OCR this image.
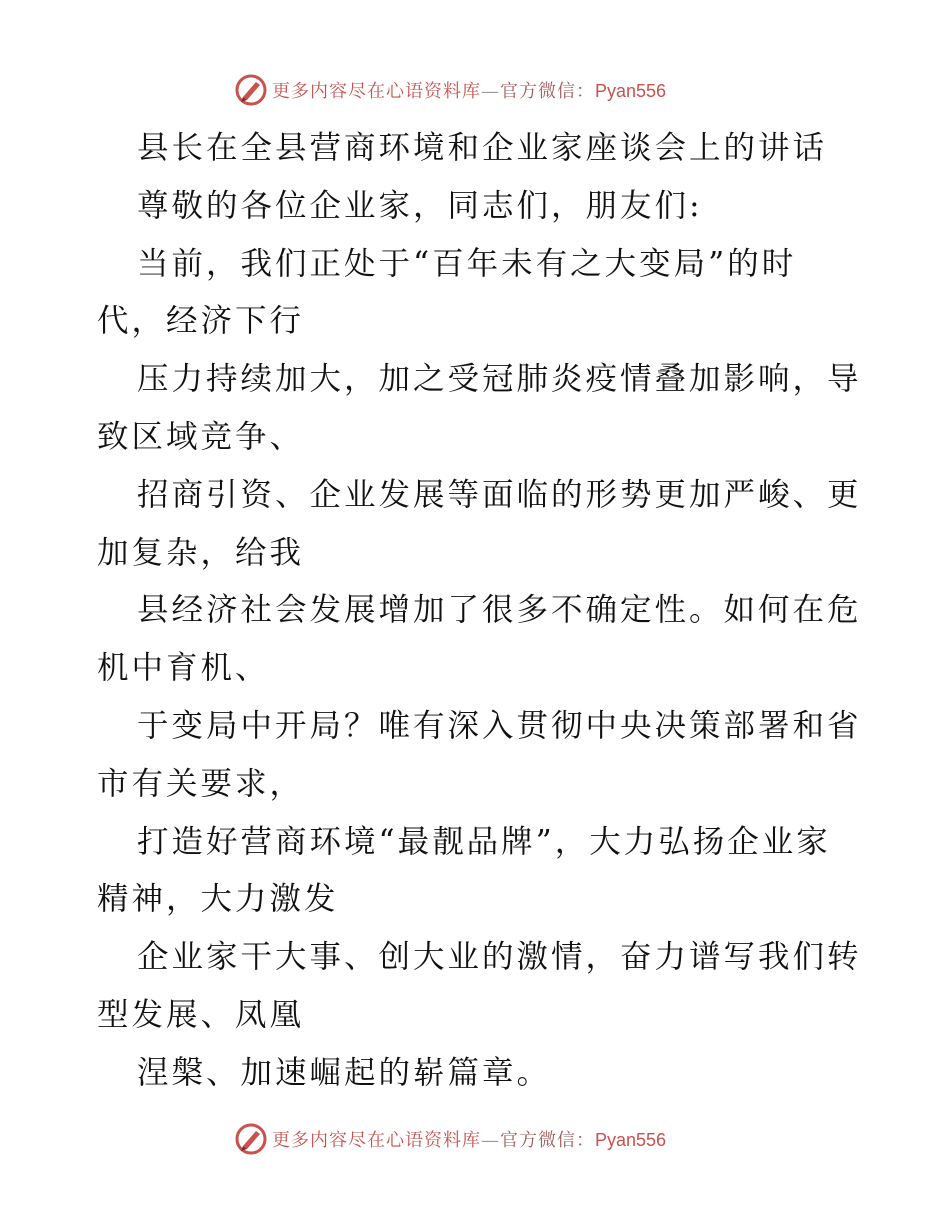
更多内容尽在心语资料库—官方微信：Pyan556
县长在全县营商环境和企业家座谈会上的讲话
尊敬的各位企业家，同志们，朋友们:
当前，我们正处于“百年未有之大变局”的时
代，经济下行
压力持续加大，加之受冠肺炎疫情叠加影响，导
致区域竞争、
招商引资、企业发展等面临的形势更加严峻、更
加复杂，给我
县经济社会发展增加了很多不确定性。如何在危
机中育机、
于变局中开局？唯有深入贯彻中央决策部署和省
市有关要求，
打造好营商环境“最靓品牌”，大力弘扬企业家
精神，大力激发
企业家干大事、创大业的激情，奋力谱写我们转
型发展、凤凰
涅槃、加速崛起的崭篇章。
更多内容尽在心语资料库—官方微信：Pyan556
